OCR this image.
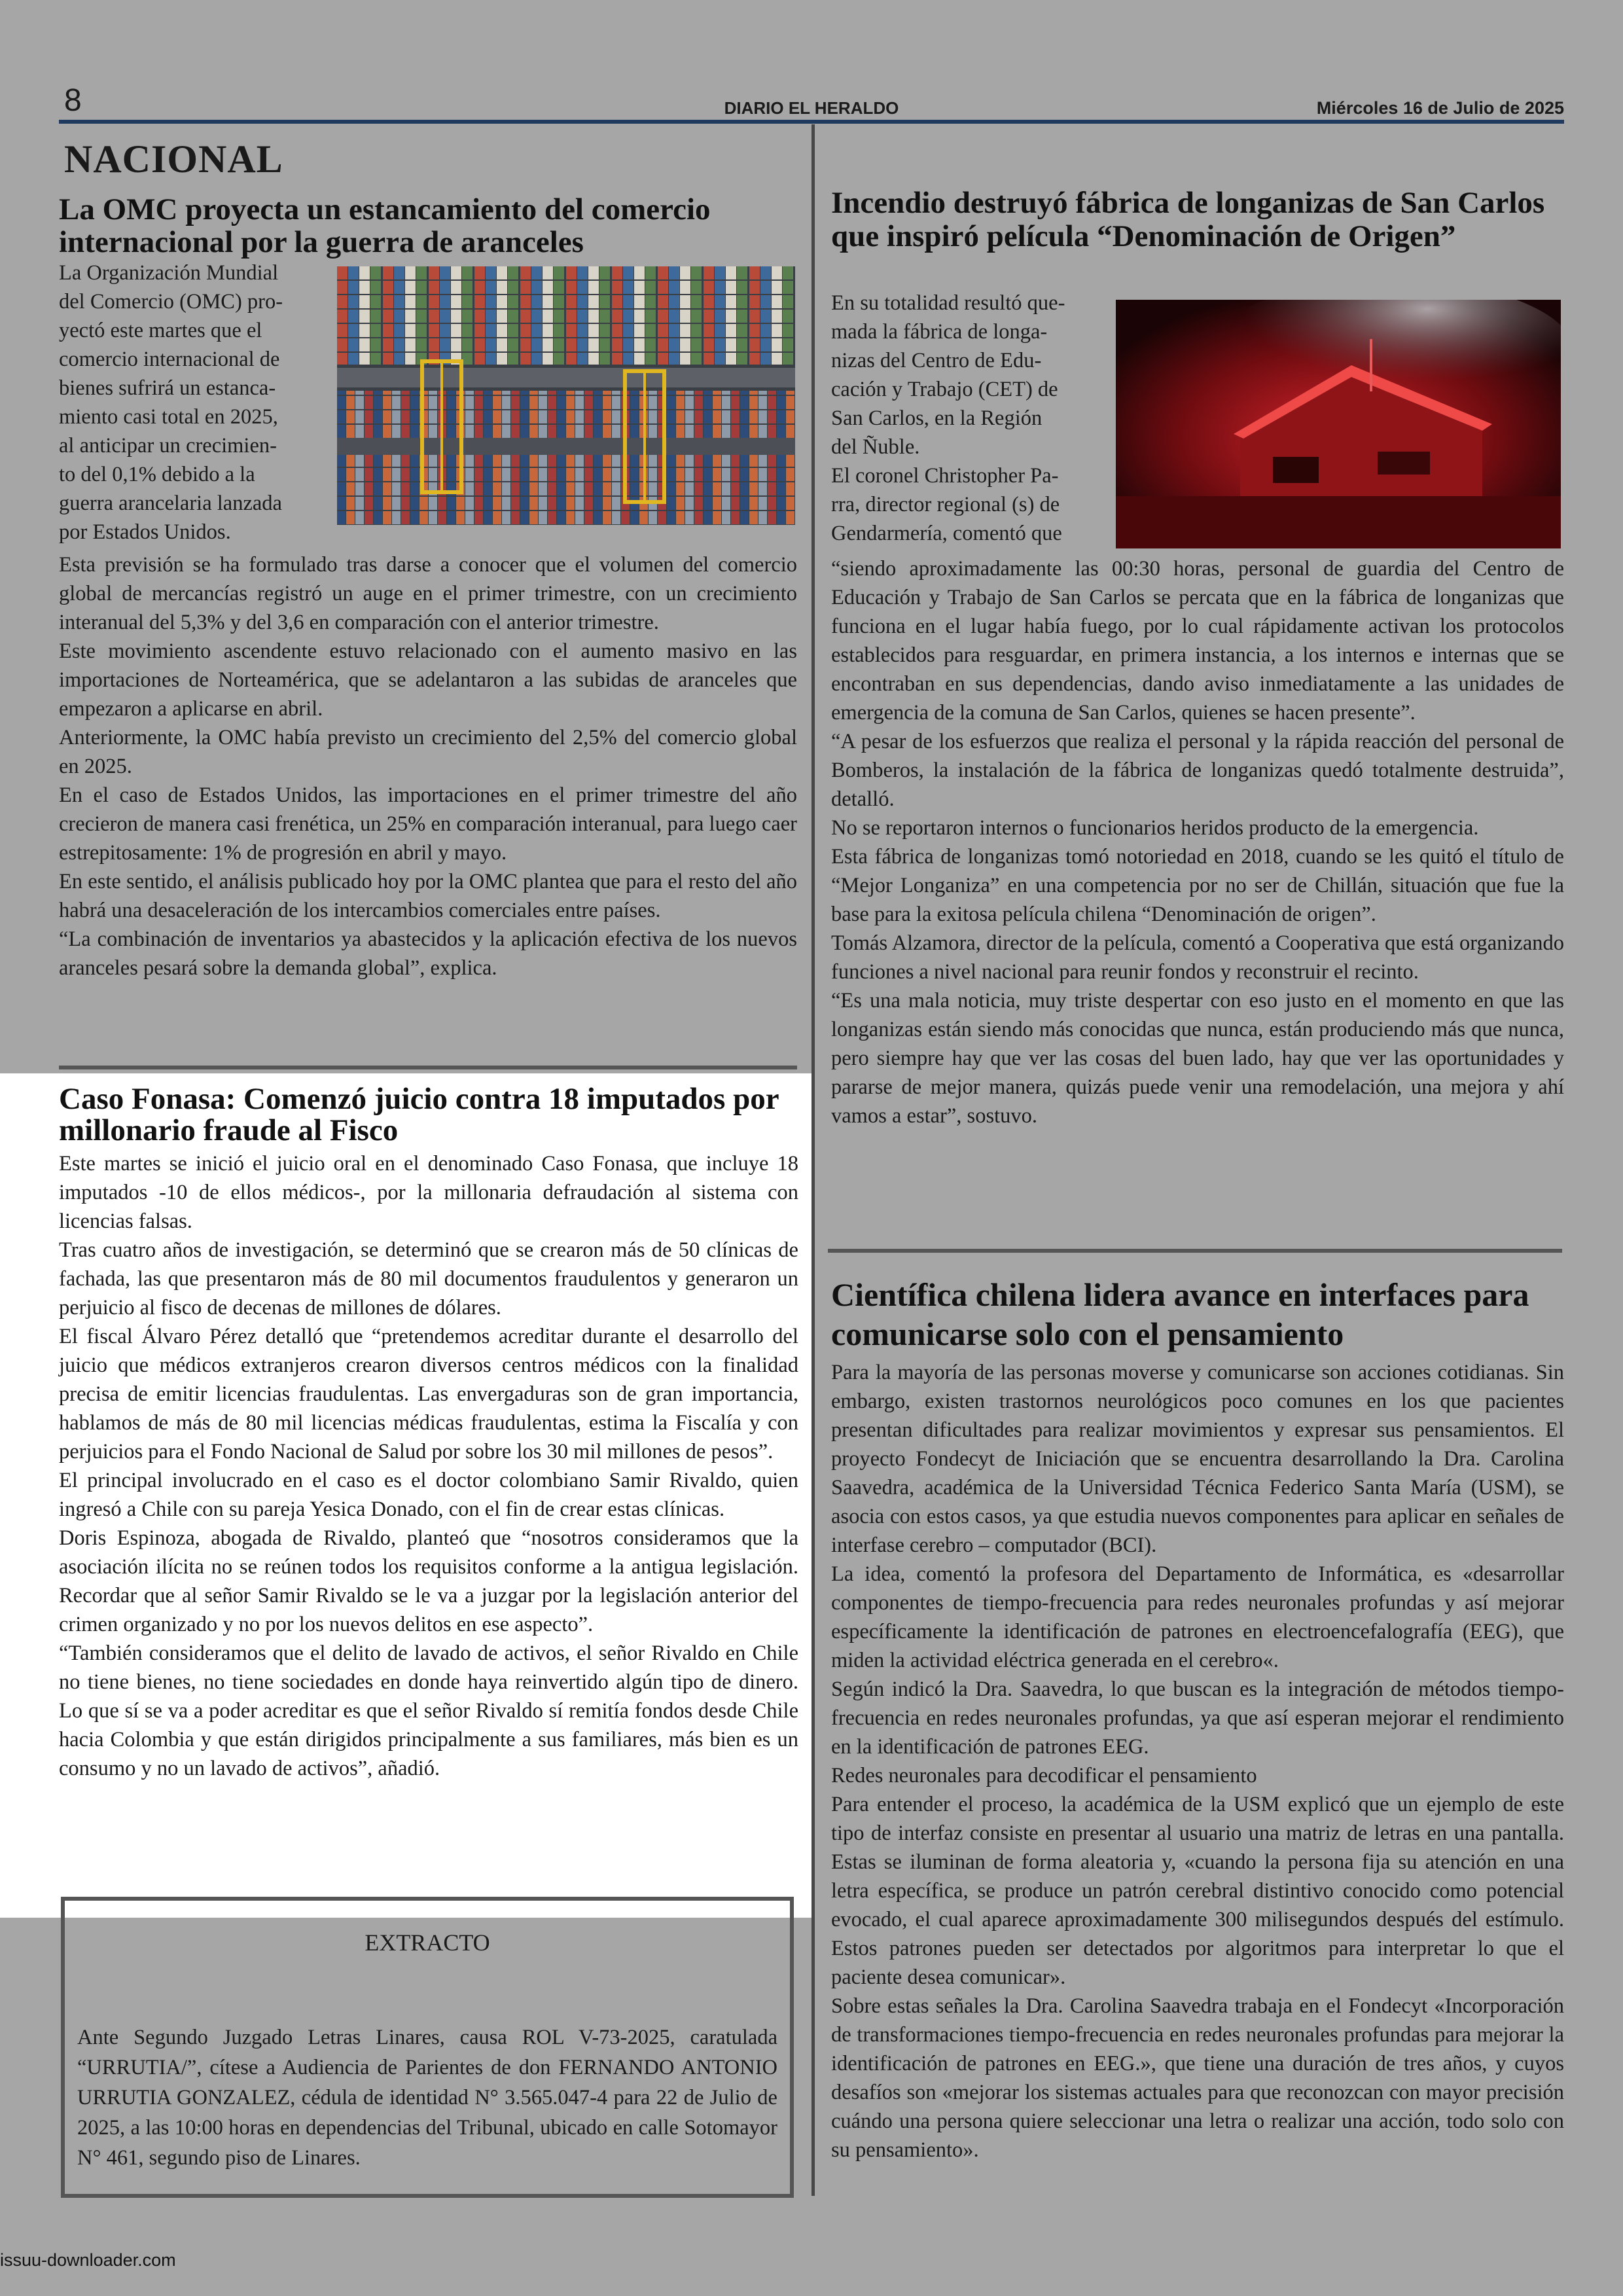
8	DIARIO EL HERALDO	Miércoles 16 de Julio de 2025
NACIONAL
La OMC proyecta un estancamiento del comercio
internacional por la guerra de aranceles
La Organización Mundial
del Comercio (OMC) pro-
yectó este martes que el
comercio internacional de
bienes sufrirá un estanca-
miento casi total en 2025,
al anticipar un crecimien-
to del 0,1% debido a la
guerra arancelaria lanzada
por Estados Unidos.

Esta previsión se ha formulado tras darse a conocer que el volumen del comercio global de mercancías registró un auge en el primer trimestre, con un crecimiento interanual del 5,3% y del 3,6 en comparación con el anterior trimestre.

Este movimiento ascendente estuvo relacionado con el aumento masivo en las importaciones de Norteamérica, que se adelantaron a las subidas de aranceles que empezaron a aplicarse en abril.

Anteriormente, la OMC había previsto un crecimiento del 2,5% del comercio global en 2025.

En el caso de Estados Unidos, las importaciones en el primer trimestre del año crecieron de manera casi frenética, un 25% en comparación interanual, para luego caer estrepitosamente: 1% de progresión en abril y mayo.

En este sentido, el análisis publicado hoy por la OMC plantea que para el resto del año habrá una desaceleración de los intercambios comerciales entre países.

“La combinación de inventarios ya abastecidos y la aplicación efectiva de los nuevos aranceles pesará sobre la demanda global”, explica.

Caso Fonasa: Comenzó juicio contra 18 imputados por millonario fraude al Fisco

Este martes se inició el juicio oral en el denominado Caso Fonasa, que incluye 18 imputados -10 de ellos médicos-, por la millonaria defraudación al sistema con licencias falsas.

Tras cuatro años de investigación, se determinó que se crearon más de 50 clínicas de fachada, las que presentaron más de 80 mil documentos fraudulentos y generaron un perjuicio al fisco de decenas de millones de dólares.

El fiscal Álvaro Pérez detalló que “pretendemos acreditar durante el desarrollo del juicio que médicos extranjeros crearon diversos centros médicos con la finalidad precisa de emitir licencias fraudulentas. Las envergaduras son de gran importancia, hablamos de más de 80 mil licencias médicas fraudulentas, estima la Fiscalía y con perjuicios para el Fondo Nacional de Salud por sobre los 30 mil millones de pesos”.

El principal involucrado en el caso es el doctor colombiano Samir Rivaldo, quien ingresó a Chile con su pareja Yesica Donado, con el fin de crear estas clínicas.

Doris Espinoza, abogada de Rivaldo, planteó que “nosotros consideramos que la asociación ilícita no se reúnen todos los requisitos conforme a la antigua legislación. Recordar que al señor Samir Rivaldo se le va a juzgar por la legislación anterior del crimen organizado y no por los nuevos delitos en ese aspecto”.

“También consideramos que el delito de lavado de activos, el señor Rivaldo en Chile no tiene bienes, no tiene sociedades en donde haya reinvertido algún tipo de dinero. Lo que sí se va a poder acreditar es que el señor Rivaldo sí remitía fondos desde Chile hacia Colombia y que están dirigidos principalmente a sus familiares, más bien es un consumo y no un lavado de activos”, añadió.

EXTRACTO
Ante Segundo Juzgado Letras Linares, causa ROL V-73-2025, caratulada “URRUTIA/”, cítese a Audiencia de Parientes de don FERNANDO ANTONIO URRUTIA GONZALEZ, cédula de identidad N° 3.565.047-4 para 22 de Julio de 2025, a las 10:00 horas en dependencias del Tribunal, ubicado en calle Sotomayor N° 461, segundo piso de Linares.
Incendio destruyó fábrica de longanizas de San Carlos que inspiró película “Denominación de Origen”
En su totalidad resultó que-
mada la fábrica de longa-
nizas del Centro de Edu-
cación y Trabajo (CET) de
San Carlos, en la Región
del Ñuble.
El coronel Christopher Pa-
rra, director regional (s) de
Gendarmería, comentó que

“siendo aproximadamente las 00:30 horas, personal de guardia del Centro de Educación y Trabajo de San Carlos se percata que en la fábrica de longanizas que funciona en el lugar había fuego, por lo cual rápidamente activan los protocolos establecidos para resguardar, en primera instancia, a los internos e internas que se encontraban en sus dependencias, dando aviso inmediatamente a las unidades de emergencia de la comuna de San Carlos, quienes se hacen presente”.

“A pesar de los esfuerzos que realiza el personal y la rápida reacción del personal de Bomberos, la instalación de la fábrica de longanizas quedó totalmente destruida”, detalló.

No se reportaron internos o funcionarios heridos producto de la emergencia.

Esta fábrica de longanizas tomó notoriedad en 2018, cuando se les quitó el título de “Mejor Longaniza” en una competencia por no ser de Chillán, situación que fue la base para la exitosa película chilena “Denominación de origen”.

Tomás Alzamora, director de la película, comentó a Cooperativa que está organizando funciones a nivel nacional para reunir fondos y reconstruir el recinto.

“Es una mala noticia, muy triste despertar con eso justo en el momento en que las longanizas están siendo más conocidas que nunca, están produciendo más que nunca, pero siempre hay que ver las cosas del buen lado, hay que ver las oportunidades y pararse de mejor manera, quizás puede venir una remodelación, una mejora y ahí vamos a estar”, sostuvo.

Científica chilena lidera avance en interfaces para comunicarse solo con el pensamiento

Para la mayoría de las personas moverse y comunicarse son acciones cotidianas. Sin embargo, existen trastornos neurológicos poco comunes en los que pacientes presentan dificultades para realizar movimientos y expresar sus pensamientos. El proyecto Fondecyt de Iniciación que se encuentra desarrollando la Dra. Carolina Saavedra, académica de la Universidad Técnica Federico Santa María (USM), se asocia con estos casos, ya que estudia nuevos componentes para aplicar en señales de interfase cerebro – computador (BCI).

La idea, comentó la profesora del Departamento de Informática, es «desarrollar componentes de tiempo-frecuencia para redes neuronales profundas y así mejorar específicamente la identificación de patrones en electroencefalografía (EEG), que miden la actividad eléctrica generada en el cerebro«.

Según indicó la Dra. Saavedra, lo que buscan es la integración de métodos tiempo-frecuencia en redes neuronales profundas, ya que así esperan mejorar el rendimiento en la identificación de patrones EEG.

Redes neuronales para decodificar el pensamiento

Para entender el proceso, la académica de la USM explicó que un ejemplo de este tipo de interfaz consiste en presentar al usuario una matriz de letras en una pantalla. Estas se iluminan de forma aleatoria y, «cuando la persona fija su atención en una letra específica, se produce un patrón cerebral distintivo conocido como potencial evocado, el cual aparece aproximadamente 300 milisegundos después del estímulo. Estos patrones pueden ser detectados por algoritmos para interpretar lo que el paciente desea comunicar».

Sobre estas señales la Dra. Carolina Saavedra trabaja en el Fondecyt «Incorporación de transformaciones tiempo-frecuencia en redes neuronales profundas para mejorar la identificación de patrones en EEG.», que tiene una duración de tres años, y cuyos desafíos son «mejorar los sistemas actuales para que reconozcan con mayor precisión cuándo una persona quiere seleccionar una letra o realizar una acción, todo solo con su pensamiento».

issuu-downloader.com
